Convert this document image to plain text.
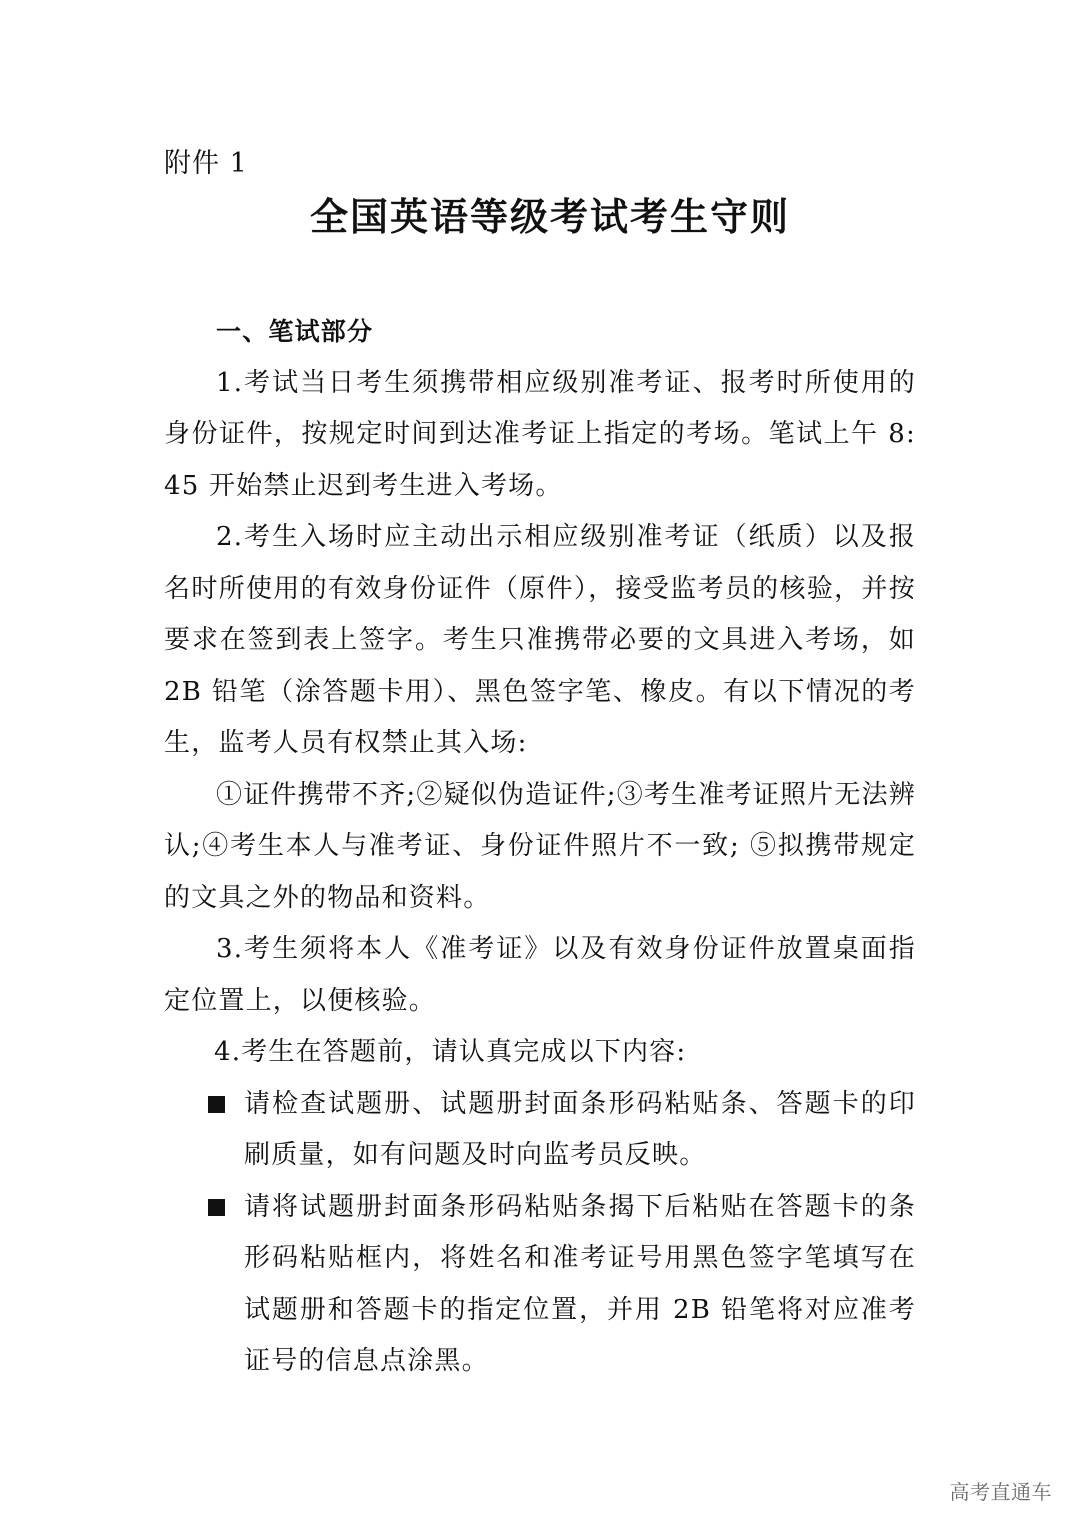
附件 1
全国英语等级考试考生守则

一、笔试部分

1.考试当日考生须携带相应级别准考证、报考时所使用的身份证件，按规定时间到达准考证上指定的考场。笔试上午 8: 45 开始禁止迟到考生进入考场。

2.考生入场时应主动出示相应级别准考证（纸质）以及报名时所使用的有效身份证件（原件），接受监考员的核验，并按要求在签到表上签字。考生只准携带必要的文具进入考场，如 2B 铅笔（涂答题卡用）、黑色签字笔、橡皮。有以下情况的考生，监考人员有权禁止其入场:

①证件携带不齐;②疑似伪造证件;③考生准考证照片无法辨认;④考生本人与准考证、身份证件照片不一致; ⑤拟携带规定的文具之外的物品和资料。

3.考生须将本人《准考证》以及有效身份证件放置桌面指定位置上，以便核验。

4.考生在答题前，请认真完成以下内容:

请检查试题册、试题册封面条形码粘贴条、答题卡的印刷质量，如有问题及时向监考员反映。
请将试题册封面条形码粘贴条揭下后粘贴在答题卡的条形码粘贴框内，将姓名和准考证号用黑色签字笔填写在试题册和答题卡的指定位置，并用 2B 铅笔将对应准考证号的信息点涂黑。
高考直通车
